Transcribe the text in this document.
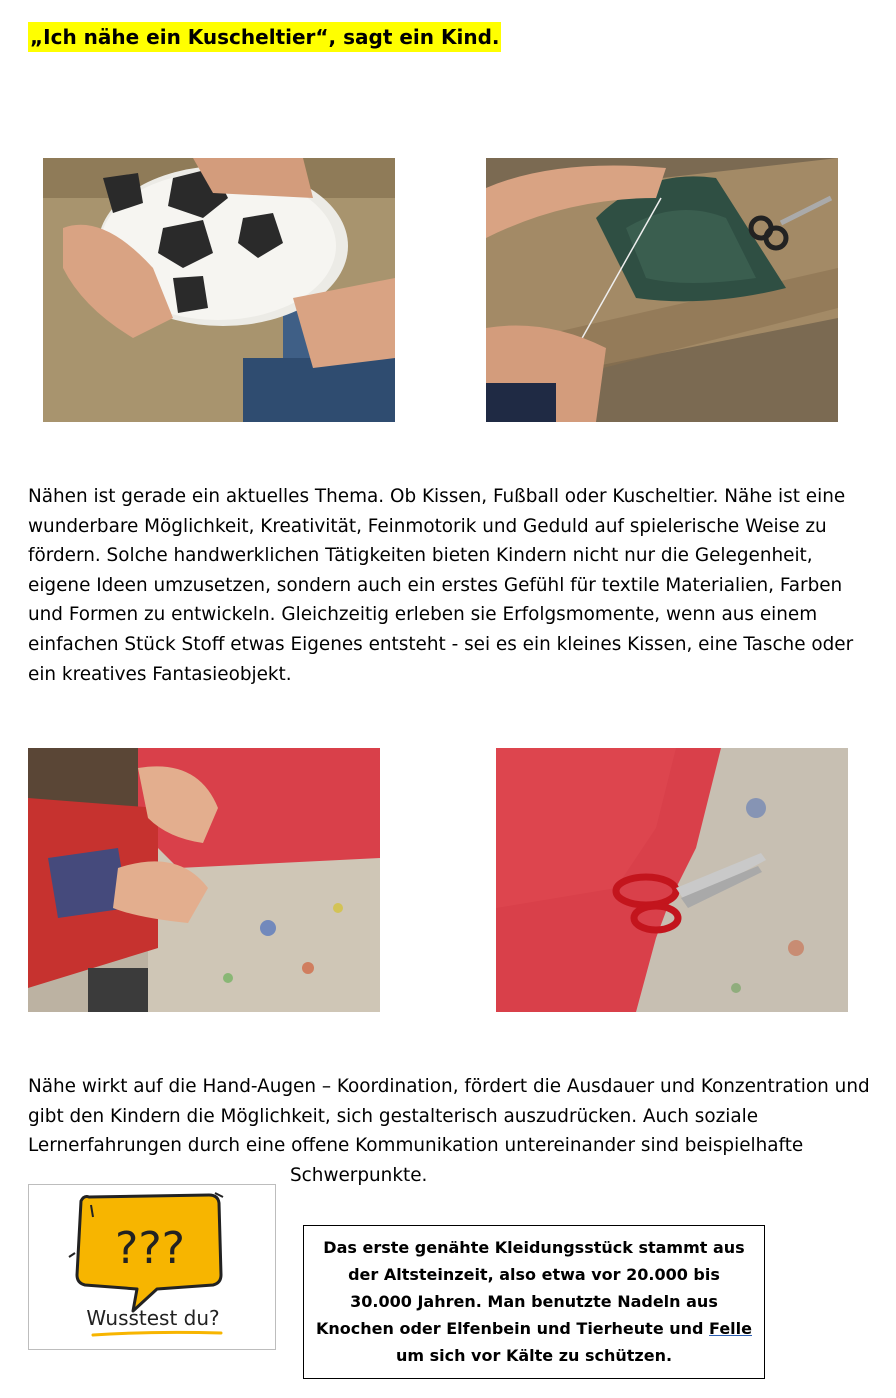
„Ich nähe ein Kuscheltier“, sagt ein Kind.

Nähen ist gerade ein aktuelles Thema. Ob Kissen, Fußball oder Kuscheltier. Nähe ist eine wunderbare Möglichkeit, Kreativität, Feinmotorik und Geduld auf spielerische Weise zu fördern. Solche handwerklichen Tätigkeiten bieten Kindern nicht nur die Gelegenheit, eigene Ideen umzusetzen, sondern auch ein erstes Gefühl für textile Materialien, Farben und Formen zu entwickeln. Gleichzeitig erleben sie Erfolgsmomente, wenn aus einem einfachen Stück Stoff etwas Eigenes entsteht - sei es ein kleines Kissen, eine Tasche oder ein kreatives Fantasieobjekt.

Nähe wirkt auf die Hand-Augen – Koordination, fördert die Ausdauer und Konzentration und gibt den Kindern die Möglichkeit, sich gestalterisch auszudrücken. Auch soziale Lernerfahrungen durch eine offene Kommunikation untereinander sind beispielhafte
Schwerpunkte.

???
Wusstest du?
Das erste genähte Kleidungsstück stammt aus der Altsteinzeit, also etwa vor 20.000 bis 30.000 Jahren. Man benutzte Nadeln aus Knochen oder Elfenbein und Tierheute und Felle um sich vor Kälte zu schützen.
